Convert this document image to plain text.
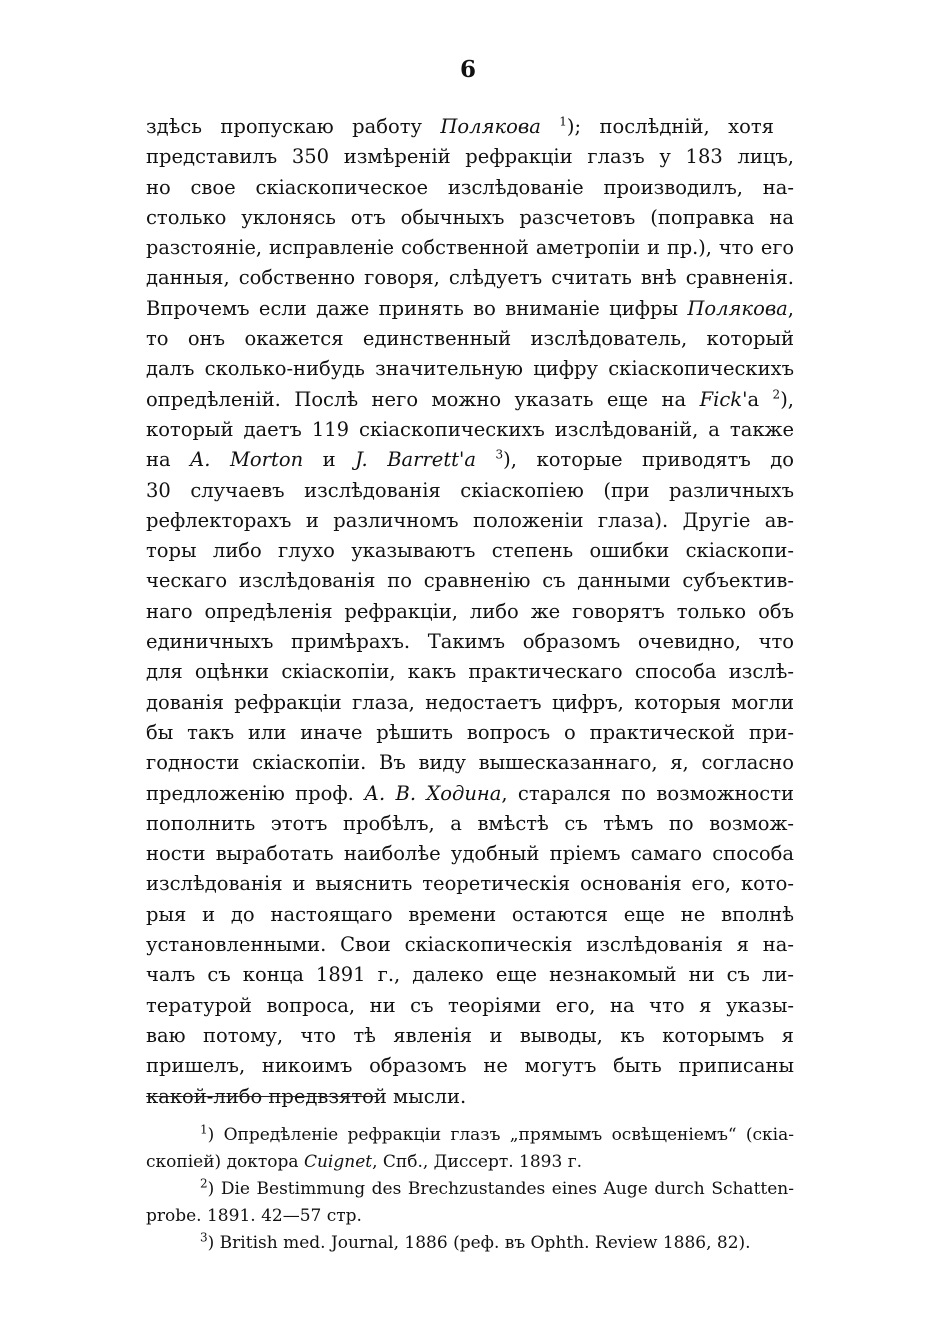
6
здѣсь пропускаю работу Полякова $^1$); послѣдній, хотя
представилъ 350 измѣреній рефракціи глазъ у 183 лицъ,
но свое скіаскопическое изслѣдованіе производилъ, на-
столько уклонясь отъ обычныхъ разсчетовъ (поправка на
разстояніе, исправленіе собственной аметропіи и пр.), что его
данныя, собственно говоря, слѣдуетъ считать внѣ сравненія.
Впрочемъ если даже принять во вниманіе цифры Полякова,
то онъ окажется единственный изслѣдователь, который
далъ сколько-нибудь значительную цифру скіаскопическихъ
опредѣленій. Послѣ него можно указать еще на Fick'а $^2$),
который даетъ 119 скіаскопическихъ изслѣдованій, а также
на A. Morton и J. Barrett'a $^3$), которые приводятъ до
30 случаевъ изслѣдованія скіаскопіею (при различныхъ
рефлекторахъ и различномъ положеніи глаза). Другіе ав-
торы либо глухо указываютъ степень ошибки скіаскопи-
ческаго изслѣдованія по сравненію съ данными субъектив-
наго опредѣленія рефракціи, либо же говорятъ только объ
единичныхъ примѣрахъ. Такимъ образомъ очевидно, что
для оцѣнки скіаскопіи, какъ практическаго способа изслѣ-
дованія рефракціи глаза, недостаетъ цифръ, которыя могли
бы такъ или иначе рѣшить вопросъ о практической при-
годности скіаскопіи. Въ виду вышесказаннаго, я, согласно
предложенію проф. А. В. Ходина, старался по возможности
пополнить этотъ пробѣлъ, а вмѣстѣ съ тѣмъ по возмож-
ности выработать наиболѣе удобный пріемъ самаго способа
изслѣдованія и выяснить теоретическія основанія его, кото-
рыя и до настоящаго времени остаются еще не вполнѣ
установленными. Свои скіаскопическія изслѣдованія я на-
чалъ съ конца 1891 г., далеко еще незнакомый ни съ ли-
тературой вопроса, ни съ теоріями его, на что я указы-
ваю потому, что тѣ явленія и выводы, къ которымъ я
пришелъ, никоимъ образомъ не могутъ быть приписаны
какой-либо предвзятой мысли.
$^1$) Опредѣленіе рефракціи глазъ „прямымъ освѣщеніемъ“ (скіа-
скопіей) доктора Cuignet, Спб., Диссерт. 1893 г.
$^2$) Die Bestimmung des Brechzustandes eines Auge durch Schatten-
probe. 1891. 42—57 стр.
$^3$) British med. Journal, 1886 (реф. въ Ophth. Review 1886, 82).
